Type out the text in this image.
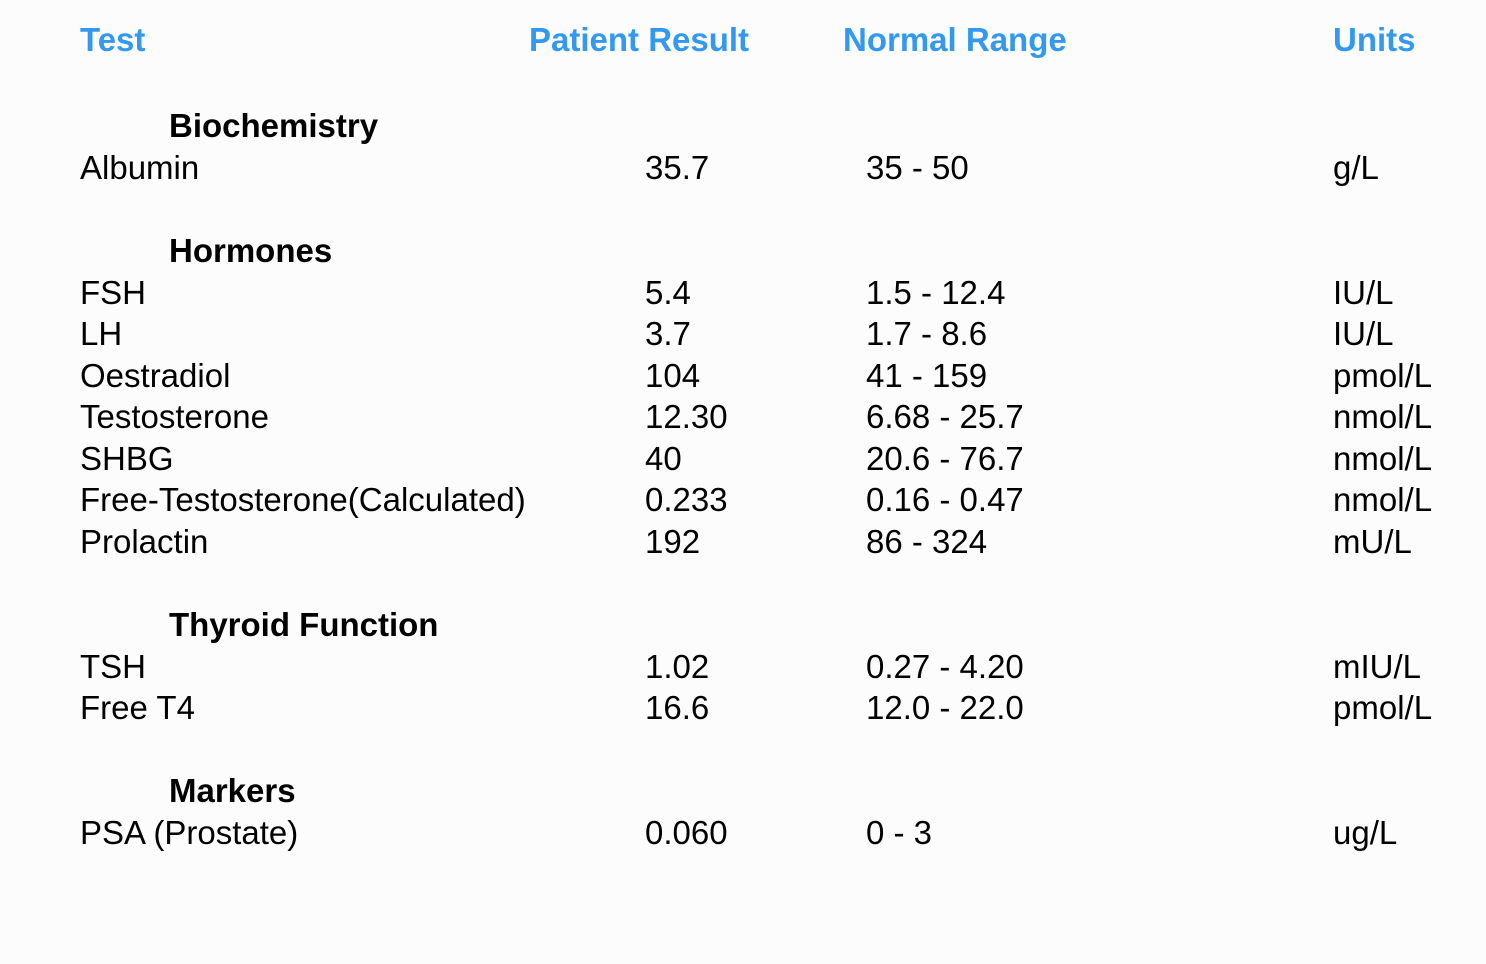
Test	Patient Result	Normal Range	Units
Biochemistry
Albumin	35.7	35 - 50	g/L
Hormones
FSH	5.4	1.5 - 12.4	IU/L
LH	3.7	1.7 - 8.6	IU/L
Oestradiol	104	41 - 159	pmol/L
Testosterone	12.30	6.68 - 25.7	nmol/L
SHBG	40	20.6 - 76.7	nmol/L
Free-Testosterone(Calculated)	0.233	0.16 - 0.47	nmol/L
Prolactin	192	86 - 324	mU/L
Thyroid Function
TSH	1.02	0.27 - 4.20	mIU/L
Free T4	16.6	12.0 - 22.0	pmol/L
Markers
PSA (Prostate)	0.060	0 - 3	ug/L
